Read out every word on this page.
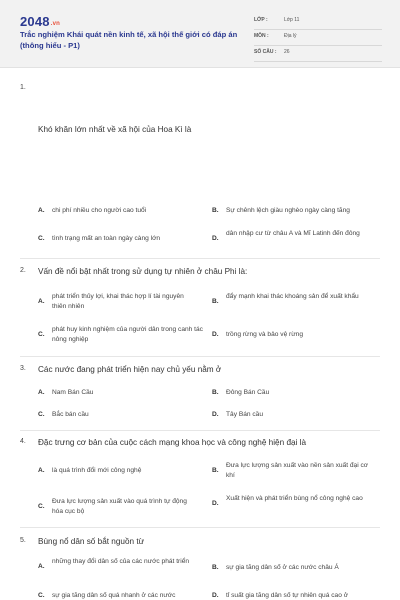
2048.vn
Trắc nghiệm Khái quát nền kinh tế, xã hội thế giới có đáp án (thông hiểu - P1)
LỚP :	Lớp 11
MÔN :	Địa lý
SỐ CÂU : 26
1.
Khó khăn lớn nhất về xã hội của Hoa Kì là
A. chi phí nhiều cho người cao tuổi	B. Sự chênh lệch giàu nghèo ngày càng tăng
C. tình trạng mất an toàn ngày càng lớn	D.
dân nhập cư từ châu A và Mĩ Latinh đến đông
2. Vấn đề nổi bật nhất trong sử dụng tự nhiên ở châu Phi là:
A.
phát triển thủy lợi, khai thác hợp lí tài nguyên thiên nhiên
B.
đẩy mạnh khai thác khoáng sản để xuất khẩu
C.
phát huy kinh nghiệm của người dân trong canh tác nông nghiệp
D. trồng rừng và bảo vệ rừng
3. Các nước đang phát triển hiện nay chủ yếu nằm ở
A. Nam Bán Cầu	B. Đông Bán Cầu
C. Bắc bán cầu	D. Tây Bán cầu
4. Đặc trưng cơ bản của cuộc cách mạng khoa học và công nghệ hiện đại là
A. là quá trình đổi mới công nghệ	B.
Đưa lực lượng sản xuất vào nền sản xuất đại cơ khí
C.
Đưa lực lượng sản xuất vào quá trình tự động hóa cục bộ
D.
Xuất hiện và phát triển bùng nổ công nghệ cao
5. Bùng nổ dân số bắt nguồn từ
A.
những thay đổi dân số của các nước phát triển
B. sự gia tăng dân số ở các nước châu Á
C. sự gia tăng dân số quá nhanh ở các nước	D. tỉ suất gia tăng dân số tự nhiên quá cao ở
